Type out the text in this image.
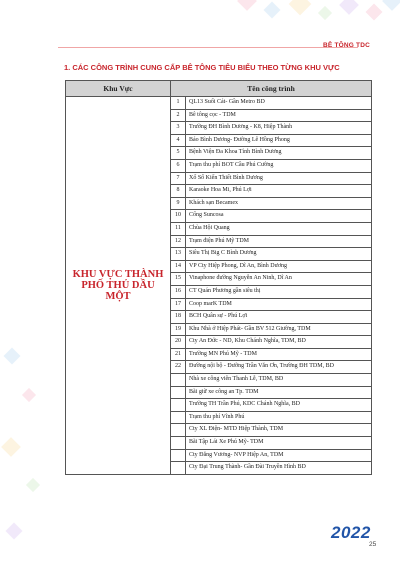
BÊ TÔNG TDC
1. CÁC CÔNG TRÌNH CUNG CẤP BÊ TÔNG TIÊU BIỂU THEO TỪNG KHU VỰC
Khu Vực	Tên công trình	
KHU VỰC THÀNH PHỐ THỦ DẦU MỘT	1	QL13 Suối Cát- Gần Metro BD
	2	Bê tông cọc - TDM
	3	Trường ĐH Bình Dương - K8, Hiệp Thành
	4	Báo Bình Dương- Đường Lê Hồng Phong
	5	Bệnh Viện Đa Khoa Tỉnh Bình Dương
	6	Trạm thu phí BOT Cầu Phú Cường
	7	Xổ Số Kiến Thiết Bình Dương
	8	Karaoke Hoa Mi, Phú Lợi
	9	Khách sạn Becamex
	10	Cổng Suncosa
	11	Chùa Hội Quang
	12	Trạm điện Phú Mỹ TDM
	13	Siêu Thị Big C Bình Dương
	14	VP Cty Hiệp Phong, Dĩ An, Bình Dương
	15	Vinaphone đường Nguyễn An Ninh, Dĩ An
	16	CT Quán Phương gần siêu thị
	17	Coop marK TDM
	18	BCH Quân sự - Phú Lợi
	19	Khu Nhà ở Hiệp Phát- Gần BV 512 Giường, TDM
	20	Cty An Đức - ND, Khu Chánh Nghĩa, TDM, BD
	21	Trường MN Phú Mỹ - TDM
	22	Đường nội bộ - Đường Trần Văn Ơn, Trường ĐH TDM, BD
		Nhà xe công viên Thanh Lễ, TDM, BD
		Bãi giữ xe công an Tp. TDM
		Trường TH Trần Phú, KDC Chánh Nghĩa, BD
		Trạm thu phí Vĩnh Phú
		Cty XL Điện- MTD Hiệp Thành, TDM
		Bãi Tập Lái Xe Phú Mỹ- TDM
		Cty Đăng Vương- NVP Hiệp An, TDM
		Cty Đại Trung Thành- Gần Đài Truyền Hình BD
2022
25
